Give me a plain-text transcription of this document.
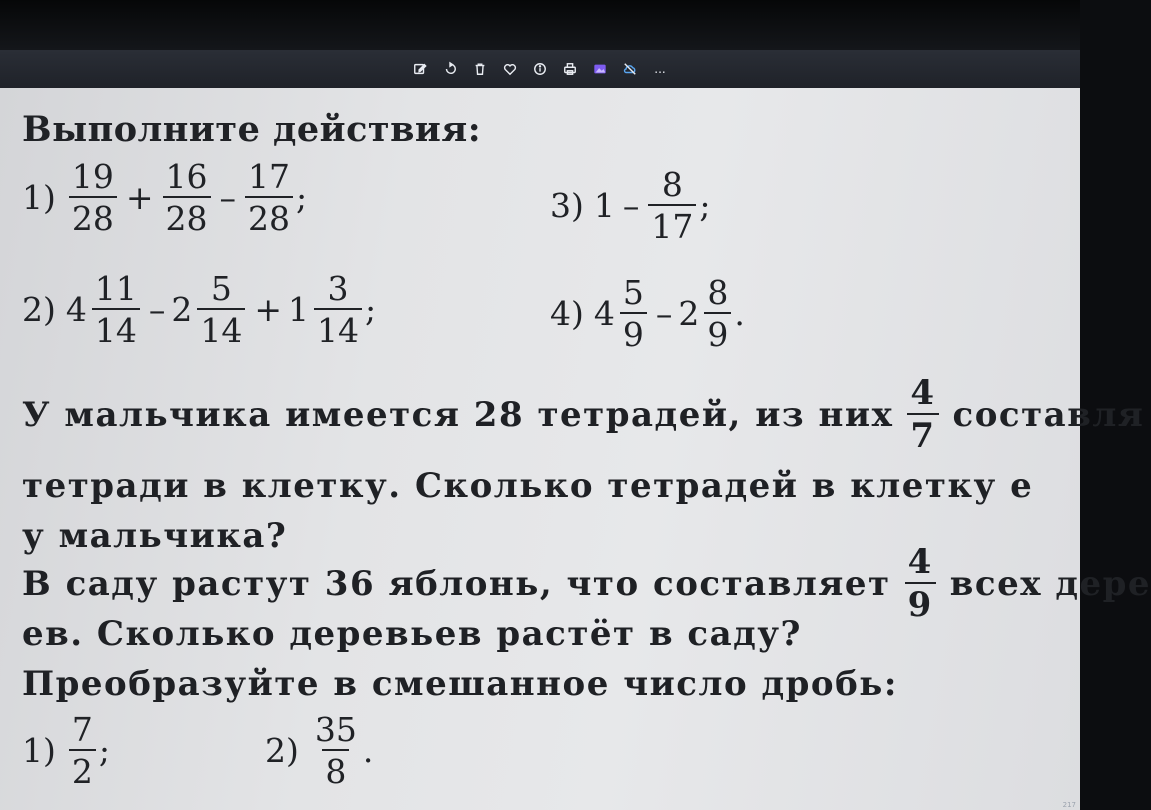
...
Выполните действия:
$1) \frac{19}{28} + \frac{16}{28} - \frac{17}{28}$ ;	3) $1 - \frac{8}{17}$ ;
2) $4 \frac{11}{14} - 2 \frac{5}{14} + 1 \frac{3}{14}$ ;	4) $4 \frac{5}{9} - 2 \frac{8}{9}$ .
У мальчика имеется 28 тетрадей, из них $\frac{4}{7}$ составля
тетради в клетку. Сколько тетрадей в клетку е
у мальчика?
В саду растут 36 яблонь, что составляет $\frac{4}{9}$ всех дере
ев. Сколько деревьев растёт в саду?
Преобразуйте в смешанное число дробь:
$1) \frac{7}{2}$ ;	$2) \frac{35}{8}$ .
217
